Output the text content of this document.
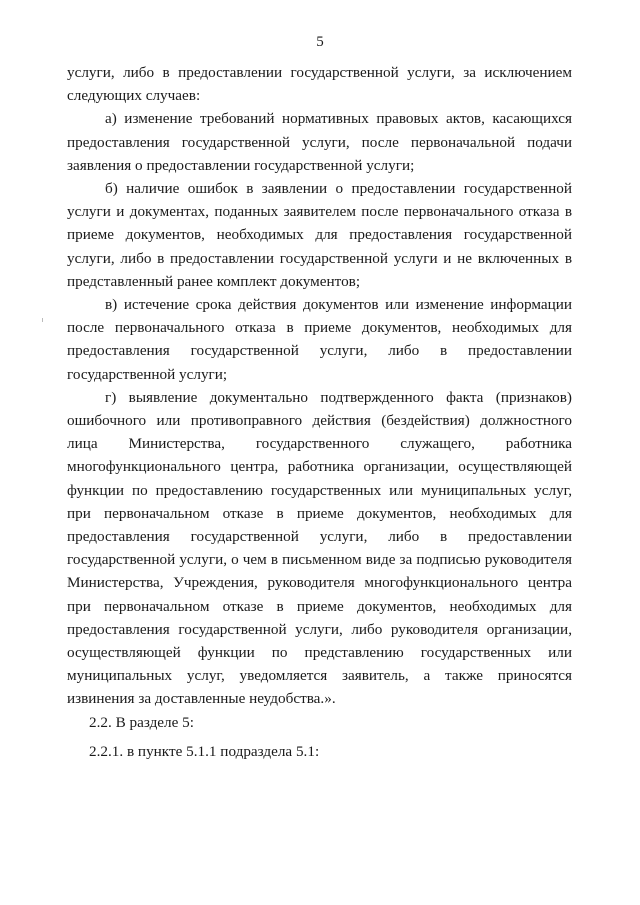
5

услуги, либо в предоставлении государственной услуги, за исключением следующих случаев:

а) изменение требований нормативных правовых актов, касающихся предоставления государственной услуги, после первоначальной подачи заявления о предоставлении государственной услуги;

б) наличие ошибок в заявлении о предоставлении государственной услуги и документах, поданных заявителем после первоначального отказа в приеме документов, необходимых для предоставления государственной услуги, либо в предоставлении государственной услуги и не включенных в представленный ранее комплект документов;

в) истечение срока действия документов или изменение информации после первоначального отказа в приеме документов, необходимых для предоставления государственной услуги, либо в предоставлении государственной услуги;

г) выявление документально подтвержденного факта (признаков) ошибочного или противоправного действия (бездействия) должностного лица Министерства, государственного служащего, работника многофункционального центра, работника организации, осуществляющей функции по предоставлению государственных или муниципальных услуг, при первоначальном отказе в приеме документов, необходимых для предоставления государственной услуги, либо в предоставлении государственной услуги, о чем в письменном виде за подписью руководителя Министерства, Учреждения, руководителя многофункционального центра при первоначальном отказе в приеме документов, необходимых для предоставления государственной услуги, либо руководителя организации, осуществляющей функции по представлению государственных или муниципальных услуг, уведомляется заявитель, а также приносятся извинения за доставленные неудобства.».

2.2. В разделе 5:

2.2.1. в пункте 5.1.1 подраздела 5.1:
